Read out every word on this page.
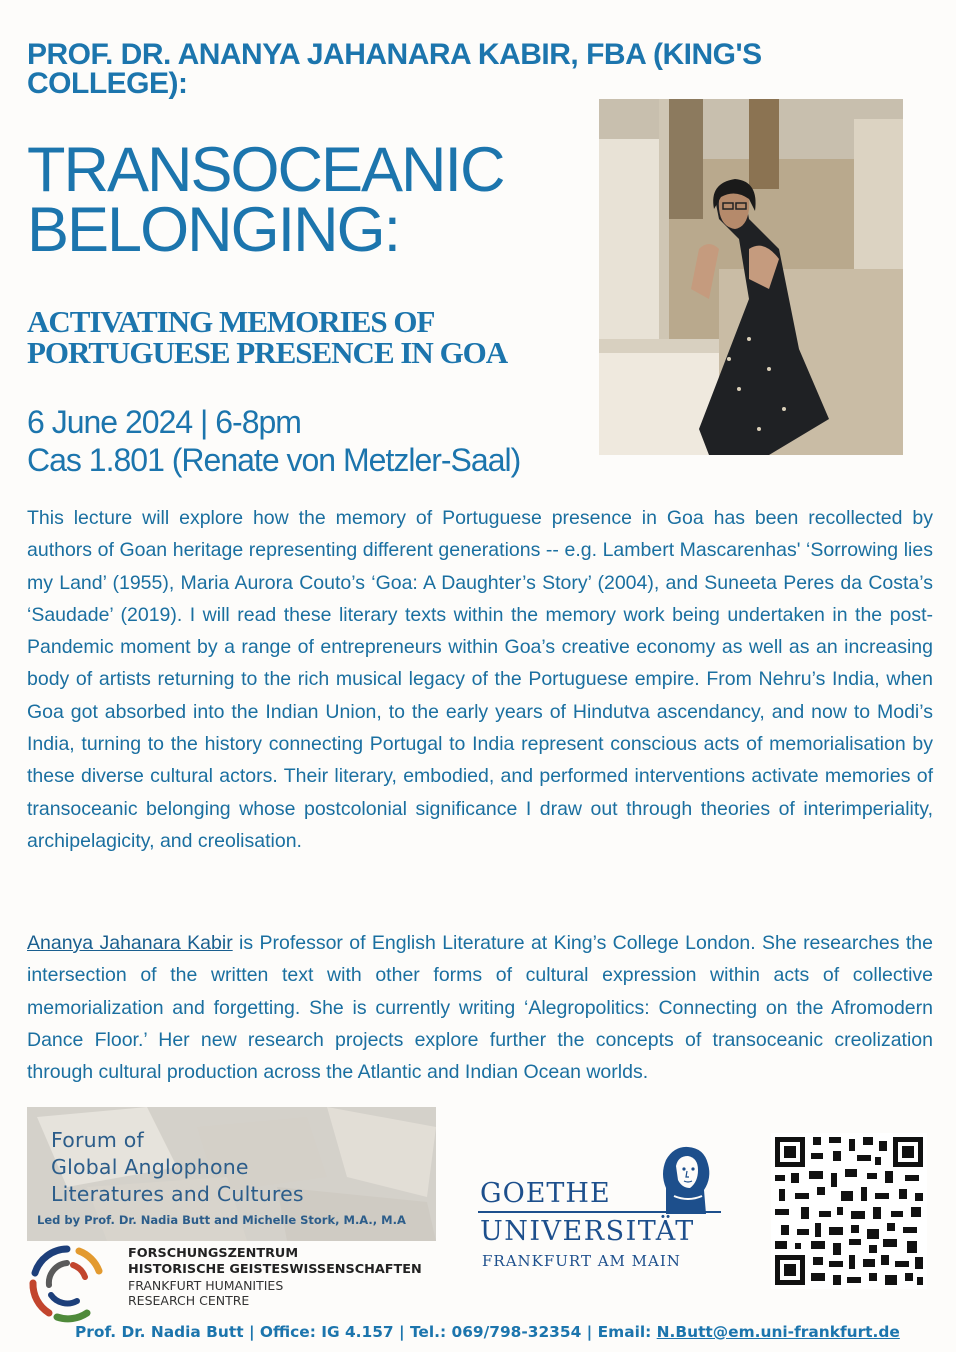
PROF. DR. ANANYA JAHANARA KABIR, FBA (KING'S COLLEGE):
TRANSOCEANIC
BELONGING:
ACTIVATING MEMORIES OF
PORTUGUESE PRESENCE IN GOA
6 June 2024 | 6-8pm
Cas 1.801 (Renate von Metzler-Saal)

This lecture will explore how the memory of Portuguese presence in Goa has been recollected by authors of Goan heritage representing different generations -- e.g. Lambert Mascarenhas' ‘Sorrowing lies my Land’ (1955), Maria Aurora Couto’s ‘Goa: A Daughter’s Story’ (2004), and Suneeta Peres da Costa’s ‘Saudade’ (2019). I will read these literary texts within the memory work being undertaken in the post-Pandemic moment by a range of entrepreneurs within Goa’s creative economy as well as an increasing body of artists returning to the rich musical legacy of the Portuguese empire. From Nehru’s India, when Goa got absorbed into the Indian Union, to the early years of Hindutva ascendancy, and now to Modi’s India, turning to the history connecting Portugal to India represent conscious acts of memorialisation by these diverse cultural actors. Their literary, embodied, and performed interventions activate memories of transoceanic belonging whose postcolonial significance I draw out through theories of interimperiality, archipelagicity, and creolisation.

Ananya Jahanara Kabir is Professor of English Literature at King’s College London. She researches the intersection of the written text with other forms of cultural expression within acts of collective memorialization and forgetting. She is currently writing ‘Alegropolitics: Connecting on the Afromodern Dance Floor.’ Her new research projects explore further the concepts of transoceanic creolization through cultural production across the Atlantic and Indian Ocean worlds.

Forum of
Global Anglophone
Literatures and Cultures
Led by Prof. Dr. Nadia Butt and Michelle Stork, M.A., M.A
FORSCHUNGSZENTRUM
HISTORISCHE GEISTESWISSENSCHAFTEN
FRANKFURT HUMANITIES
RESEARCH CENTRE
GOETHE
UNIVERSITÄT
FRANKFURT AM MAIN
Prof. Dr. Nadia Butt | Office: IG 4.157 | Tel.: 069/798-32354 | Email: N.Butt@em.uni-frankfurt.de
